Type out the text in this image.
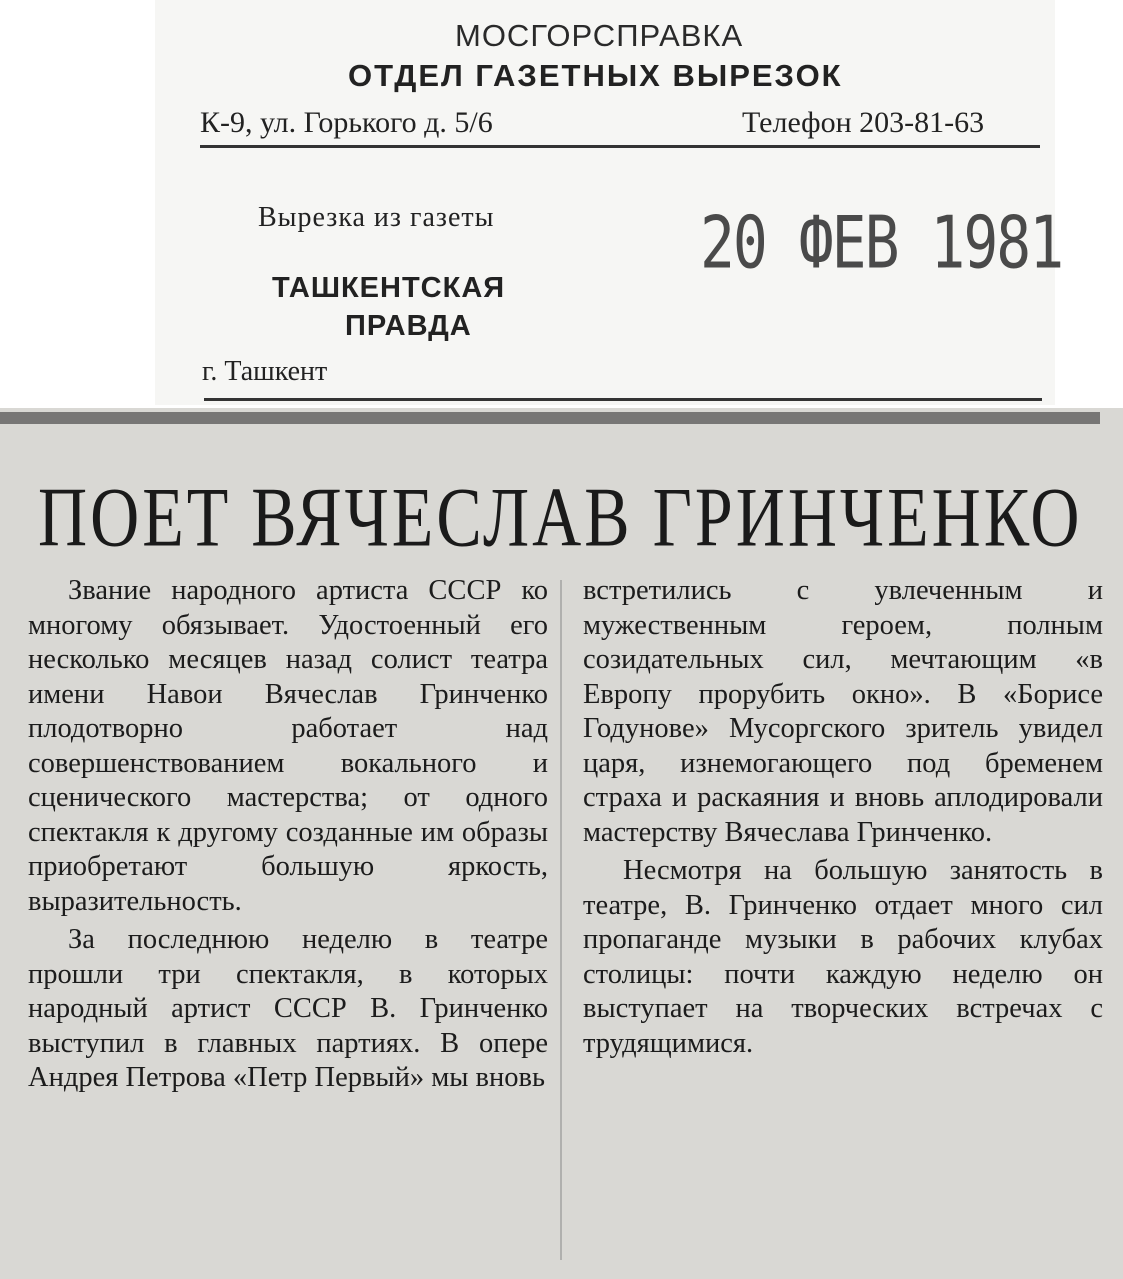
МОСГОРСПРАВКА
ОТДЕЛ ГАЗЕТНЫХ ВЫРЕЗОК
К-9, ул. Горького д. 5/6	Телефон 203-81-63
Вырезка из газеты	20 ФЕВ 1981
ТАШКЕНТСКАЯ
ПРАВДА
г. Ташкент
ПОЕТ ВЯЧЕСЛАВ ГРИНЧЕНКО

Звание народного артиста СССР ко многому обязывает. Удостоенный его несколько месяцев назад солист театра имени Навои Вячеслав Гринченко плодотворно работает над совершенствованием вокального и сценического мастерства; от одного спектакля к другому созданные им образы приобретают большую яркость, выразительность.

За последнюю неделю в театре прошли три спектакля, в которых народный артист СССР В. Гринченко выступил в главных партиях. В опере Андрея Петрова «Петр Первый» мы вновь

встретились с увлеченным и мужественным героем, полным созидательных сил, мечтающим «в Европу прорубить окно». В «Борисе Годунове» Мусоргского зритель увидел царя, изнемогающего под бременем страха и раскаяния и вновь аплодировали мастерству Вячеслава Гринченко.

Несмотря на большую занятость в театре, В. Гринченко отдает много сил пропаганде музыки в рабочих клубах столицы: почти каждую неделю он выступает на творческих встречах с трудящимися.
